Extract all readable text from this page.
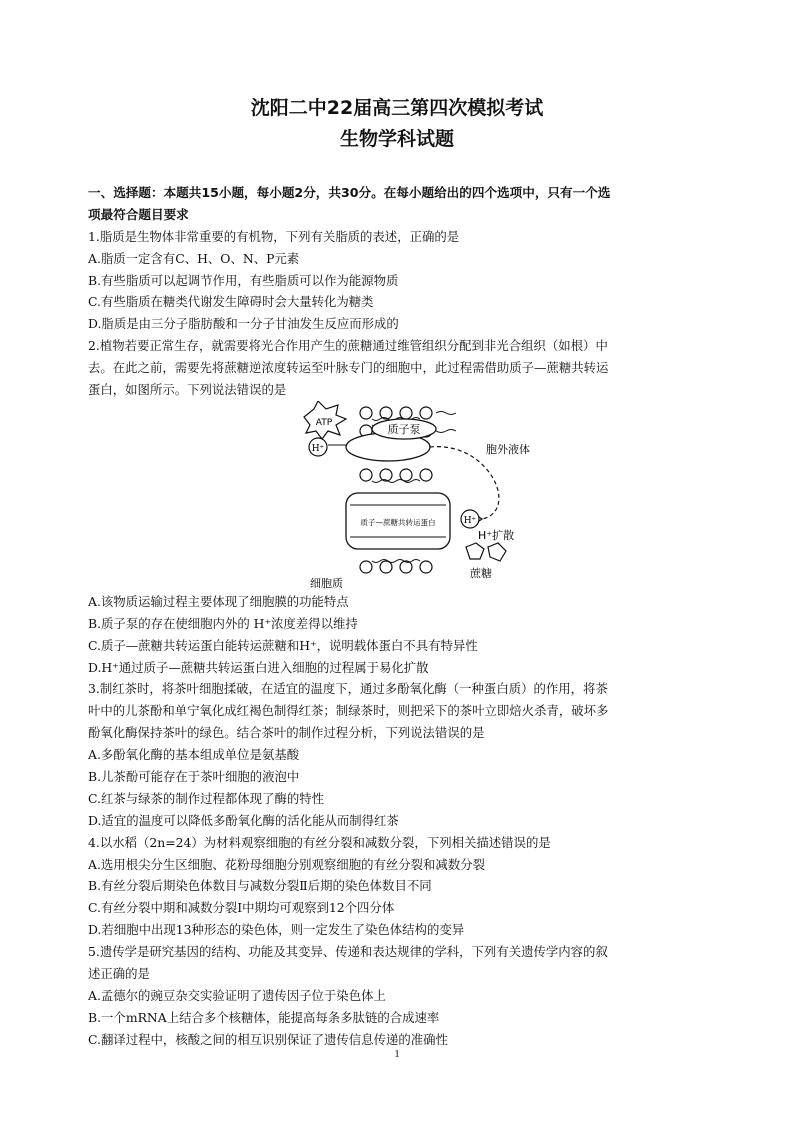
沈阳二中22届高三第四次模拟考试
生物学科试题
一、选择题：本题共15小题，每小题2分，共30分。在每小题给出的四个选项中，只有一个选
项最符合题目要求
1.脂质是生物体非常重要的有机物，下列有关脂质的表述，正确的是
A.脂质一定含有C、H、O、N、P元素
B.有些脂质可以起调节作用，有些脂质可以作为能源物质
C.有些脂质在糖类代谢发生障碍时会大量转化为糖类
D.脂质是由三分子脂肪酸和一分子甘油发生反应而形成的
2.植物若要正常生存，就需要将光合作用产生的蔗糖通过维管组织分配到非光合组织（如根）中
去。在此之前，需要先将蔗糖逆浓度转运至叶脉专门的细胞中，此过程需借助质子—蔗糖共转运
蛋白，如图所示。下列说法错误的是
质子泵
ATP
H⁺	胞外液体
质子—蔗糖共转运蛋白	H⁺
H⁺扩散
蔗糖
细胞质
A.该物质运输过程主要体现了细胞膜的功能特点
B.质子泵的存在使细胞内外的 H⁺浓度差得以维持
C.质子—蔗糖共转运蛋白能转运蔗糖和H⁺，说明载体蛋白不具有特异性
D.H⁺通过质子—蔗糖共转运蛋白进入细胞的过程属于易化扩散
3.制红茶时，将茶叶细胞揉破，在适宜的温度下，通过多酚氧化酶（一种蛋白质）的作用，将茶
叶中的儿茶酚和单宁氧化成红褐色制得红茶；制绿茶时，则把采下的茶叶立即焙火杀青，破坏多
酚氧化酶保持茶叶的绿色。结合茶叶的制作过程分析，下列说法错误的是
A.多酚氧化酶的基本组成单位是氨基酸
B.儿茶酚可能存在于茶叶细胞的液泡中
C.红茶与绿茶的制作过程都体现了酶的特性
D.适宜的温度可以降低多酚氧化酶的活化能从而制得红茶
4.以水稻（2n=24）为材料观察细胞的有丝分裂和减数分裂，下列相关描述错误的是
A.选用根尖分生区细胞、花粉母细胞分别观察细胞的有丝分裂和减数分裂
B.有丝分裂后期染色体数目与减数分裂Ⅱ后期的染色体数目不同
C.有丝分裂中期和减数分裂Ⅰ中期均可观察到12个四分体
D.若细胞中出现13种形态的染色体，则一定发生了染色体结构的变异
5.遗传学是研究基因的结构、功能及其变异、传递和表达规律的学科，下列有关遗传学内容的叙
述正确的是
A.孟德尔的豌豆杂交实验证明了遗传因子位于染色体上
B.一个mRNA上结合多个核糖体，能提高每条多肽链的合成速率
C.翻译过程中，核酸之间的相互识别保证了遗传信息传递的准确性
1
